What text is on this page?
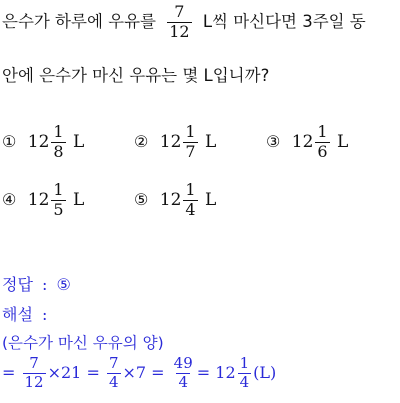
은수가 하루에 우유를 $\frac{7}{12}$ L씩 마신다면 3주일 동
안에 은수가 마신 우유는 몇 L입니까?
① $12 \frac{1}{8}$ L	② $12 \frac{1}{7}$ L	③ $12 \frac{1}{6}$ L
④ $12 \frac{1}{5}$ L	⑤ $12 \frac{1}{4}$ L
정답 : ⑤
해설 :
(은수가 마신 우유의 양)
= $\frac{7}{12} \times 21 = \frac{7}{4} \times 7 = \frac{49}{4} = 12 \frac{1}{4} (L)$
